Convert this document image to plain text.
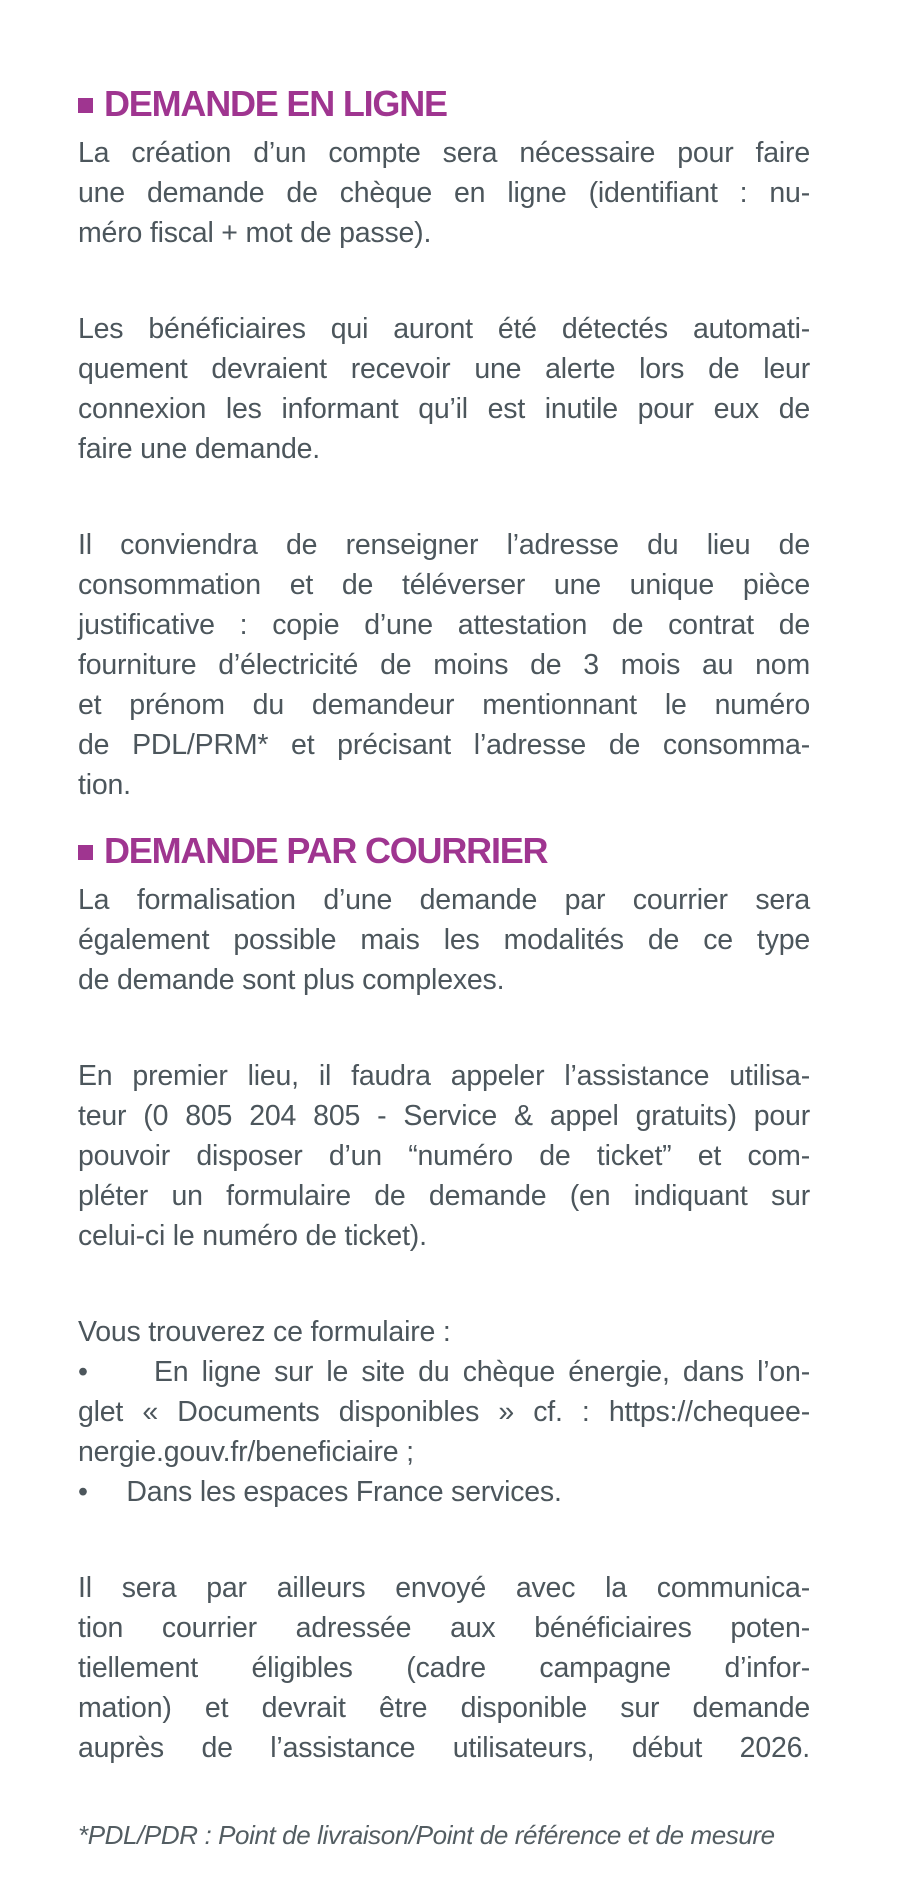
DEMANDE EN LIGNE
La création d’un compte sera nécessaire pour faire
une demande de chèque en ligne (identifiant : nu-
méro fiscal + mot de passe).
Les bénéficiaires qui auront été détectés automati-
quement devraient recevoir une alerte lors de leur
connexion les informant qu’il est inutile pour eux de
faire une demande.
Il conviendra de renseigner l’adresse du lieu de
consommation et de téléverser une unique pièce
justificative : copie d’une attestation de contrat de
fourniture d’électricité de moins de 3 mois au nom
et prénom du demandeur mentionnant le numéro
de PDL/PRM* et précisant l’adresse de consomma-
tion.
DEMANDE PAR COURRIER
La formalisation d’une demande par courrier sera
également possible mais les modalités de ce type
de demande sont plus complexes.
En premier lieu, il faudra appeler l’assistance utilisa-
teur (0 805 204 805 - Service & appel gratuits) pour
pouvoir disposer d’un “numéro de ticket” et com-
pléter un formulaire de demande (en indiquant sur
celui-ci le numéro de ticket).
Vous trouverez ce formulaire :
•     En ligne sur le site du chèque énergie, dans l’on-
glet « Documents disponibles » cf. : https://chequee-
nergie.gouv.fr/beneficiaire ;
•     Dans les espaces France services.
Il sera par ailleurs envoyé avec la communica-
tion courrier adressée aux bénéficiaires poten-
tiellement éligibles (cadre campagne d’infor-
mation) et devrait être disponible sur demande
auprès de l’assistance utilisateurs, début 2026.
*PDL/PDR : Point de livraison/Point de référence et de mesure
